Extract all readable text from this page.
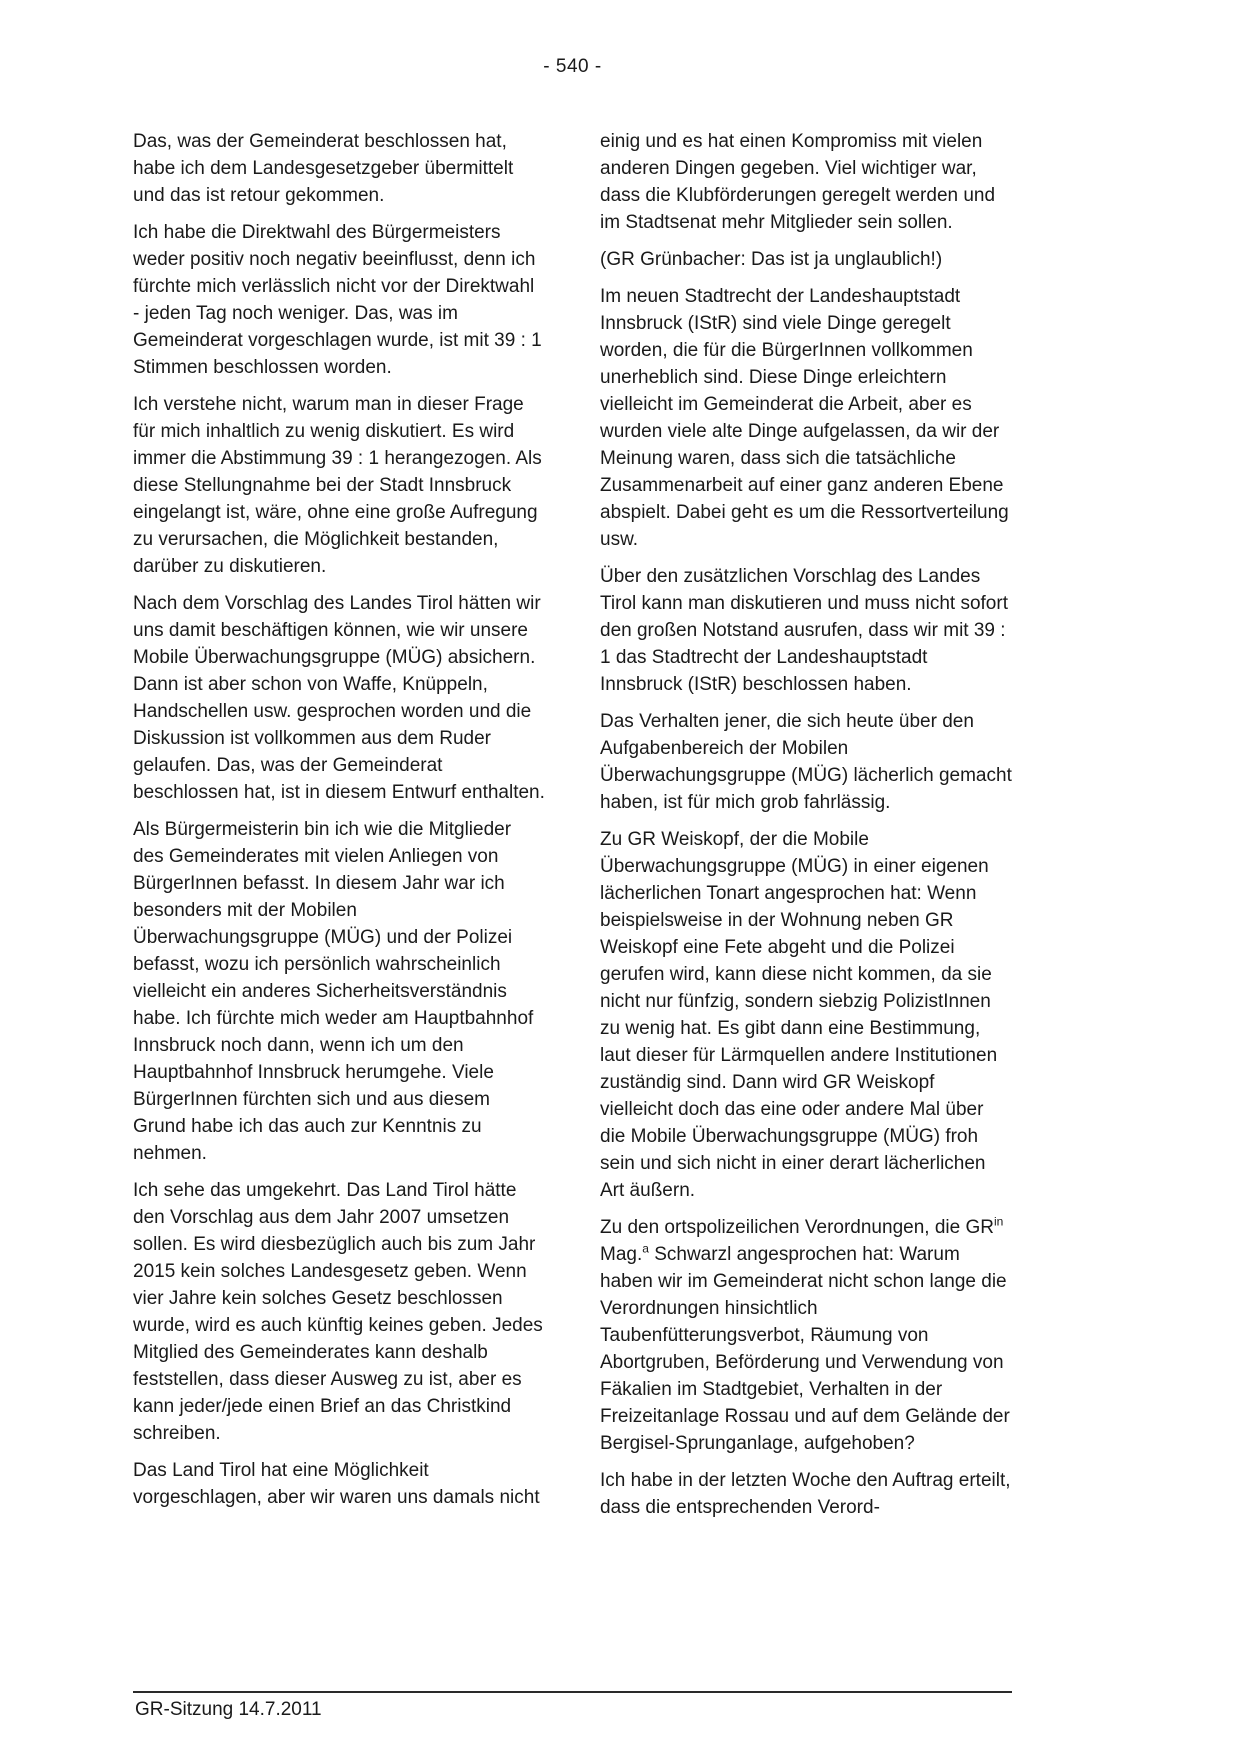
- 540 -

Das, was der Gemeinderat beschlossen hat, habe ich dem Landesgesetzgeber übermittelt und das ist retour gekommen.

Ich habe die Direktwahl des Bürgermeisters weder positiv noch negativ beeinflusst, denn ich fürchte mich verlässlich nicht vor der Direktwahl - jeden Tag noch weniger. Das, was im Gemeinderat vorgeschlagen wurde, ist mit 39 : 1 Stimmen beschlossen worden.

Ich verstehe nicht, warum man in dieser Frage für mich inhaltlich zu wenig diskutiert. Es wird immer die Abstimmung 39 : 1 herangezogen. Als diese Stellungnahme bei der Stadt Innsbruck eingelangt ist, wäre, ohne eine große Aufregung zu verursachen, die Möglichkeit bestanden, darüber zu diskutieren.

Nach dem Vorschlag des Landes Tirol hätten wir uns damit beschäftigen können, wie wir unsere Mobile Überwachungsgruppe (MÜG) absichern. Dann ist aber schon von Waffe, Knüppeln, Handschellen usw. gesprochen worden und die Diskussion ist vollkommen aus dem Ruder gelaufen. Das, was der Gemeinderat beschlossen hat, ist in diesem Entwurf enthalten.

Als Bürgermeisterin bin ich wie die Mitglieder des Gemeinderates mit vielen Anliegen von BürgerInnen befasst. In diesem Jahr war ich besonders mit der Mobilen Überwachungsgruppe (MÜG) und der Polizei befasst, wozu ich persönlich wahrscheinlich vielleicht ein anderes Sicherheitsverständnis habe. Ich fürchte mich weder am Hauptbahnhof Innsbruck noch dann, wenn ich um den Hauptbahnhof Innsbruck herumgehe. Viele BürgerInnen fürchten sich und aus diesem Grund habe ich das auch zur Kenntnis zu nehmen.

Ich sehe das umgekehrt. Das Land Tirol hätte den Vorschlag aus dem Jahr 2007 umsetzen sollen. Es wird diesbezüglich auch bis zum Jahr 2015 kein solches Landesgesetz geben. Wenn vier Jahre kein solches Gesetz beschlossen wurde, wird es auch künftig keines geben. Jedes Mitglied des Gemeinderates kann deshalb feststellen, dass dieser Ausweg zu ist, aber es kann jeder/jede einen Brief an das Christkind schreiben.

Das Land Tirol hat eine Möglichkeit vorgeschlagen, aber wir waren uns damals nicht

einig und es hat einen Kompromiss mit vielen anderen Dingen gegeben. Viel wichtiger war, dass die Klubförderungen geregelt werden und im Stadtsenat mehr Mitglieder sein sollen.

(GR Grünbacher: Das ist ja unglaublich!)

Im neuen Stadtrecht der Landeshauptstadt Innsbruck (IStR) sind viele Dinge geregelt worden, die für die BürgerInnen vollkommen unerheblich sind. Diese Dinge erleichtern vielleicht im Gemeinderat die Arbeit, aber es wurden viele alte Dinge aufgelassen, da wir der Meinung waren, dass sich die tatsächliche Zusammenarbeit auf einer ganz anderen Ebene abspielt. Dabei geht es um die Ressortverteilung usw.

Über den zusätzlichen Vorschlag des Landes Tirol kann man diskutieren und muss nicht sofort den großen Notstand ausrufen, dass wir mit 39 : 1 das Stadtrecht der Landeshauptstadt Innsbruck (IStR) beschlossen haben.

Das Verhalten jener, die sich heute über den Aufgabenbereich der Mobilen Überwachungsgruppe (MÜG) lächerlich gemacht haben, ist für mich grob fahrlässig.

Zu GR Weiskopf, der die Mobile Überwachungsgruppe (MÜG) in einer eigenen lächerlichen Tonart angesprochen hat: Wenn beispielsweise in der Wohnung neben GR Weiskopf eine Fete abgeht und die Polizei gerufen wird, kann diese nicht kommen, da sie nicht nur fünfzig, sondern siebzig PolizistInnen zu wenig hat. Es gibt dann eine Bestimmung, laut dieser für Lärmquellen andere Institutionen zuständig sind. Dann wird GR Weiskopf vielleicht doch das eine oder andere Mal über die Mobile Überwachungsgruppe (MÜG) froh sein und sich nicht in einer derart lächerlichen Art äußern.

Zu den ortspolizeilichen Verordnungen, die $GR^{in}$ Mag.$^a$ Schwarzl angesprochen hat: Warum haben wir im Gemeinderat nicht schon lange die Verordnungen hinsichtlich Taubenfütterungsverbot, Räumung von Abortgruben, Beförderung und Verwendung von Fäkalien im Stadtgebiet, Verhalten in der Freizeitanlage Rossau und auf dem Gelände der Bergisel-Sprunganlage, aufgehoben?

Ich habe in der letzten Woche den Auftrag erteilt, dass die entsprechenden Verord-

GR-Sitzung 14.7.2011
